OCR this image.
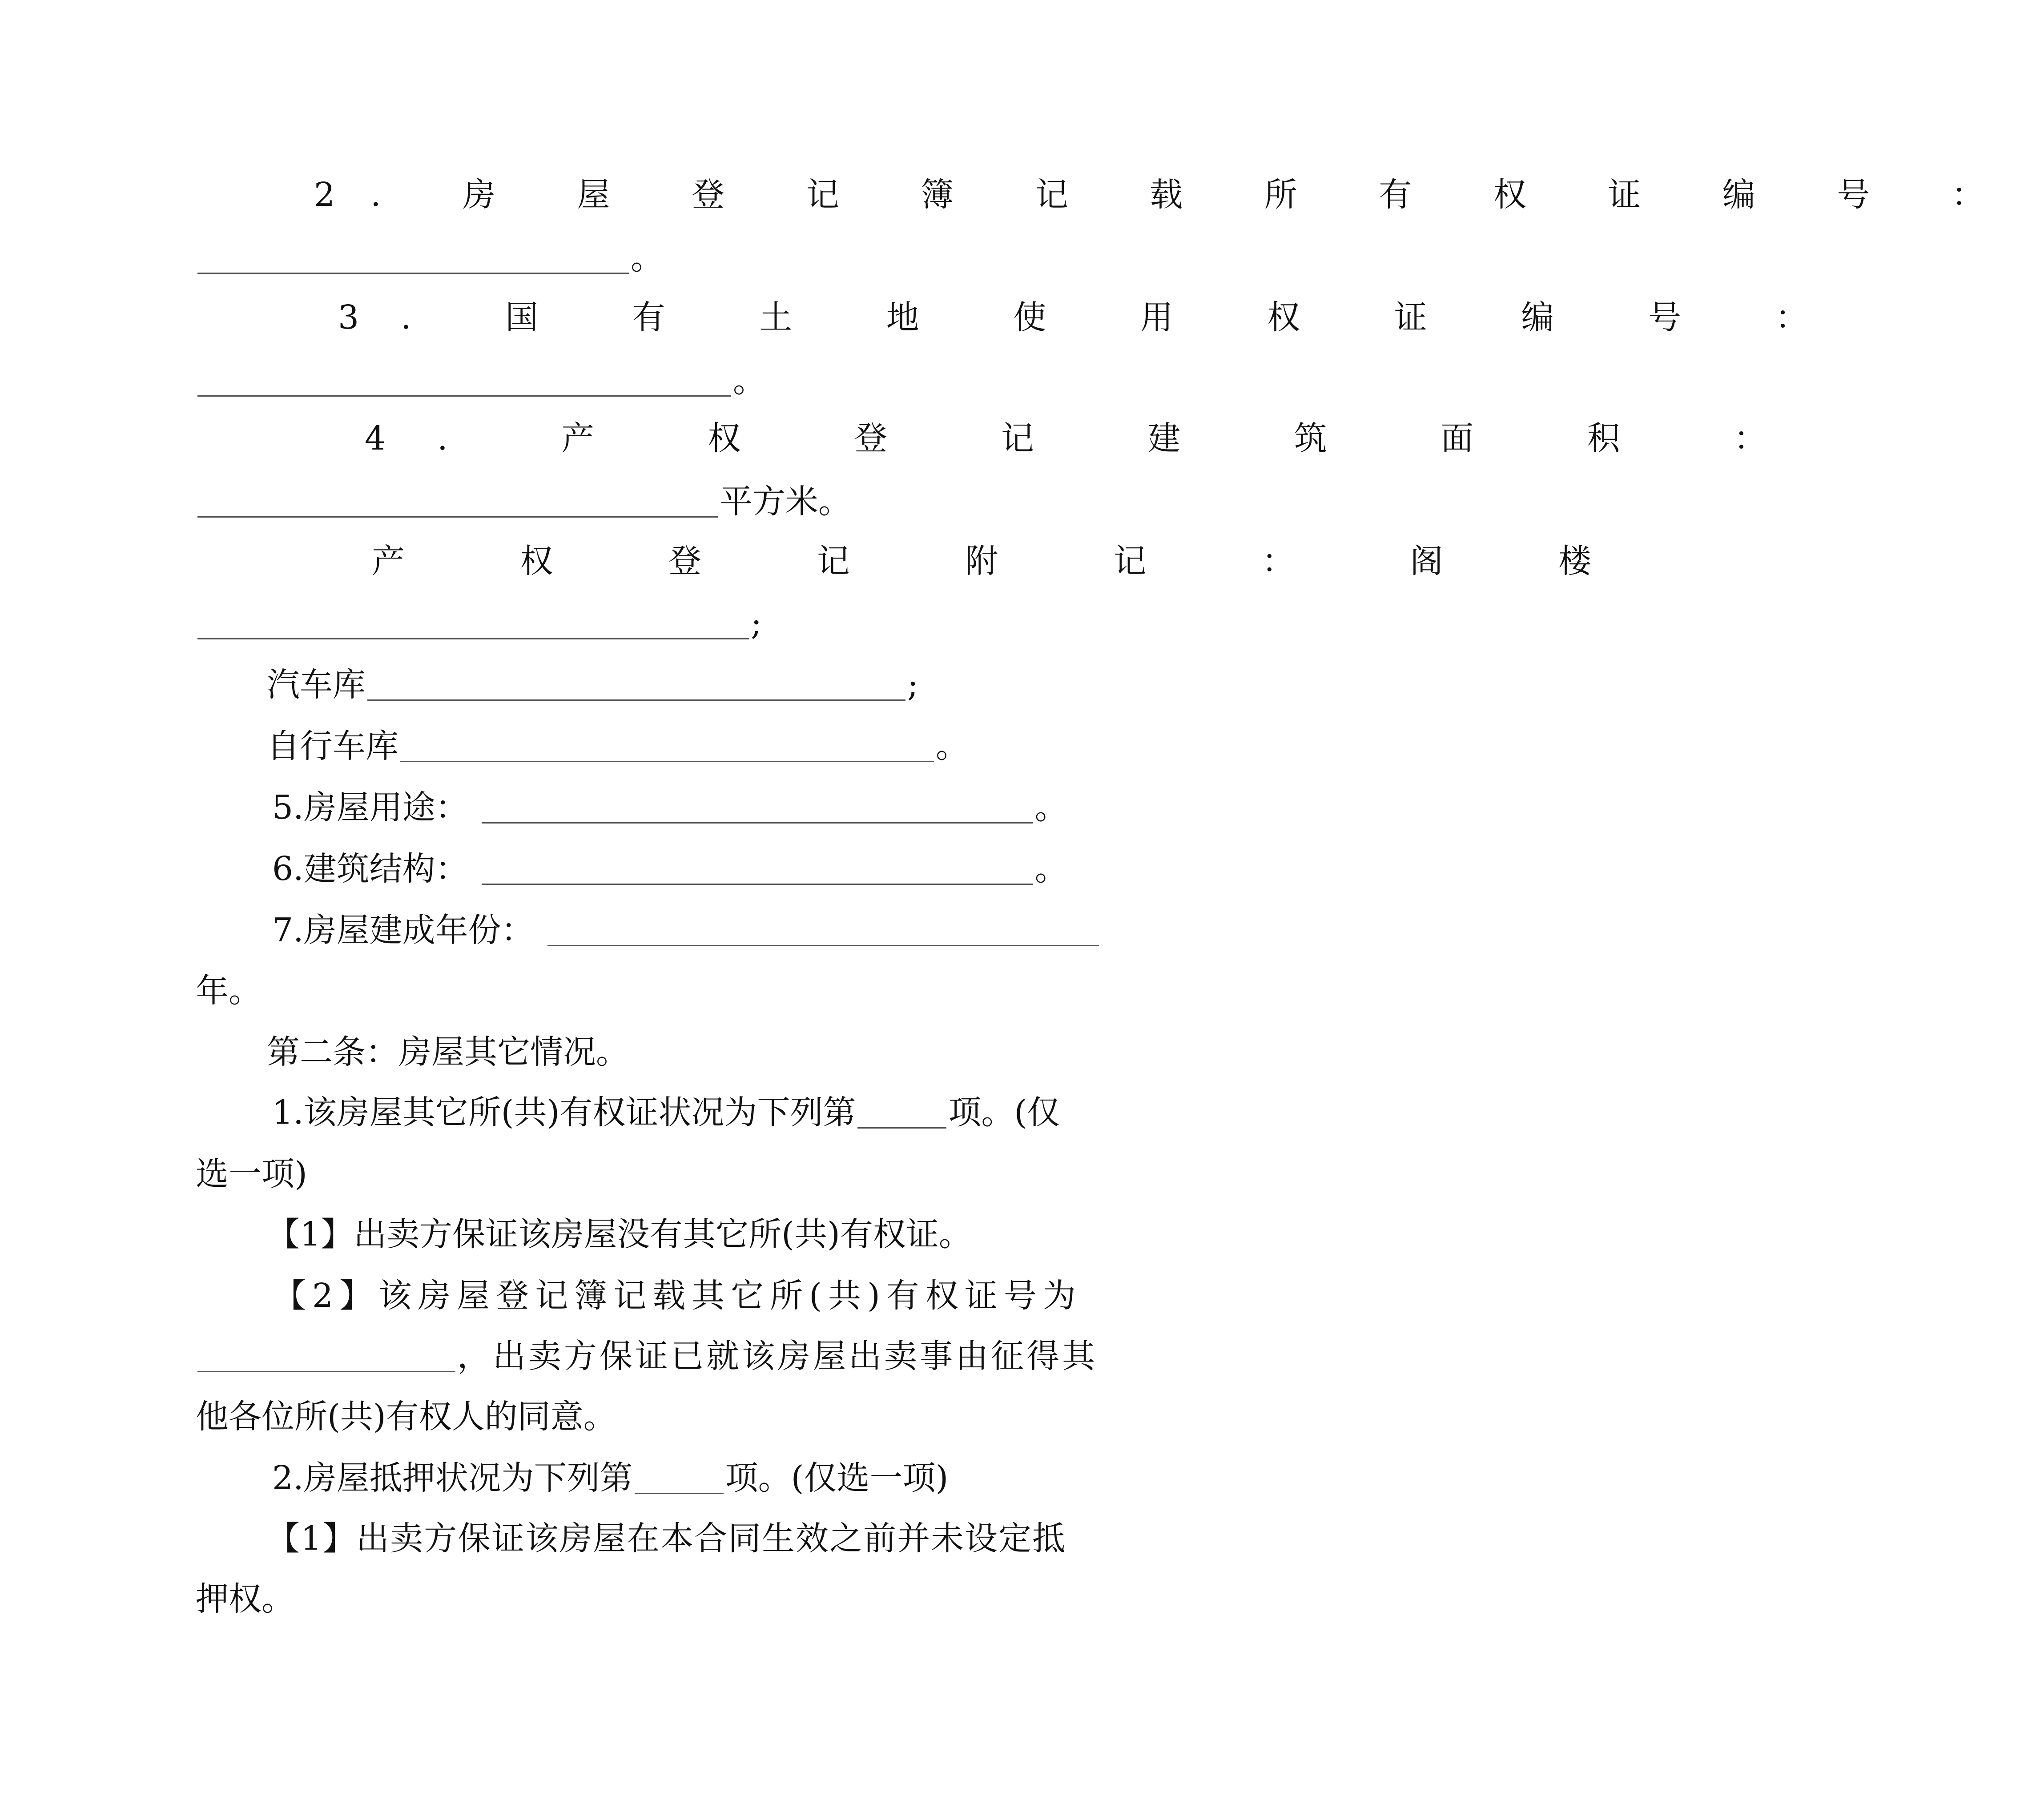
2. 房 屋 登 记 簿 记 载 所 有 权 证 编 号 ：
。
3. 国 有 土 地 使 用 权 证 编 号 ：
。
4. 产 权 登 记 建 筑 面 积 ：
平方米。
产 权 登 记 附 记 ： 阁 楼
;
汽车库	;
自行车库	。
5.房屋用途：	。
6.建筑结构：	。
7.房屋建成年份：
年。
第二条：房屋其它情况。
1.该房屋其它所(共)有权证状况为下列第	项。(仅
选一项)
【1】出卖方保证该房屋没有其它所(共)有权证。
【2】该房屋登记簿记载其它所(共)有权证号为
，出卖方保证已就该房屋出卖事由征得其
他各位所(共)有权人的同意。
2.房屋抵押状况为下列第	项。(仅选一项)
【1】出卖方保证该房屋在本合同生效之前并未设定抵
押权。
